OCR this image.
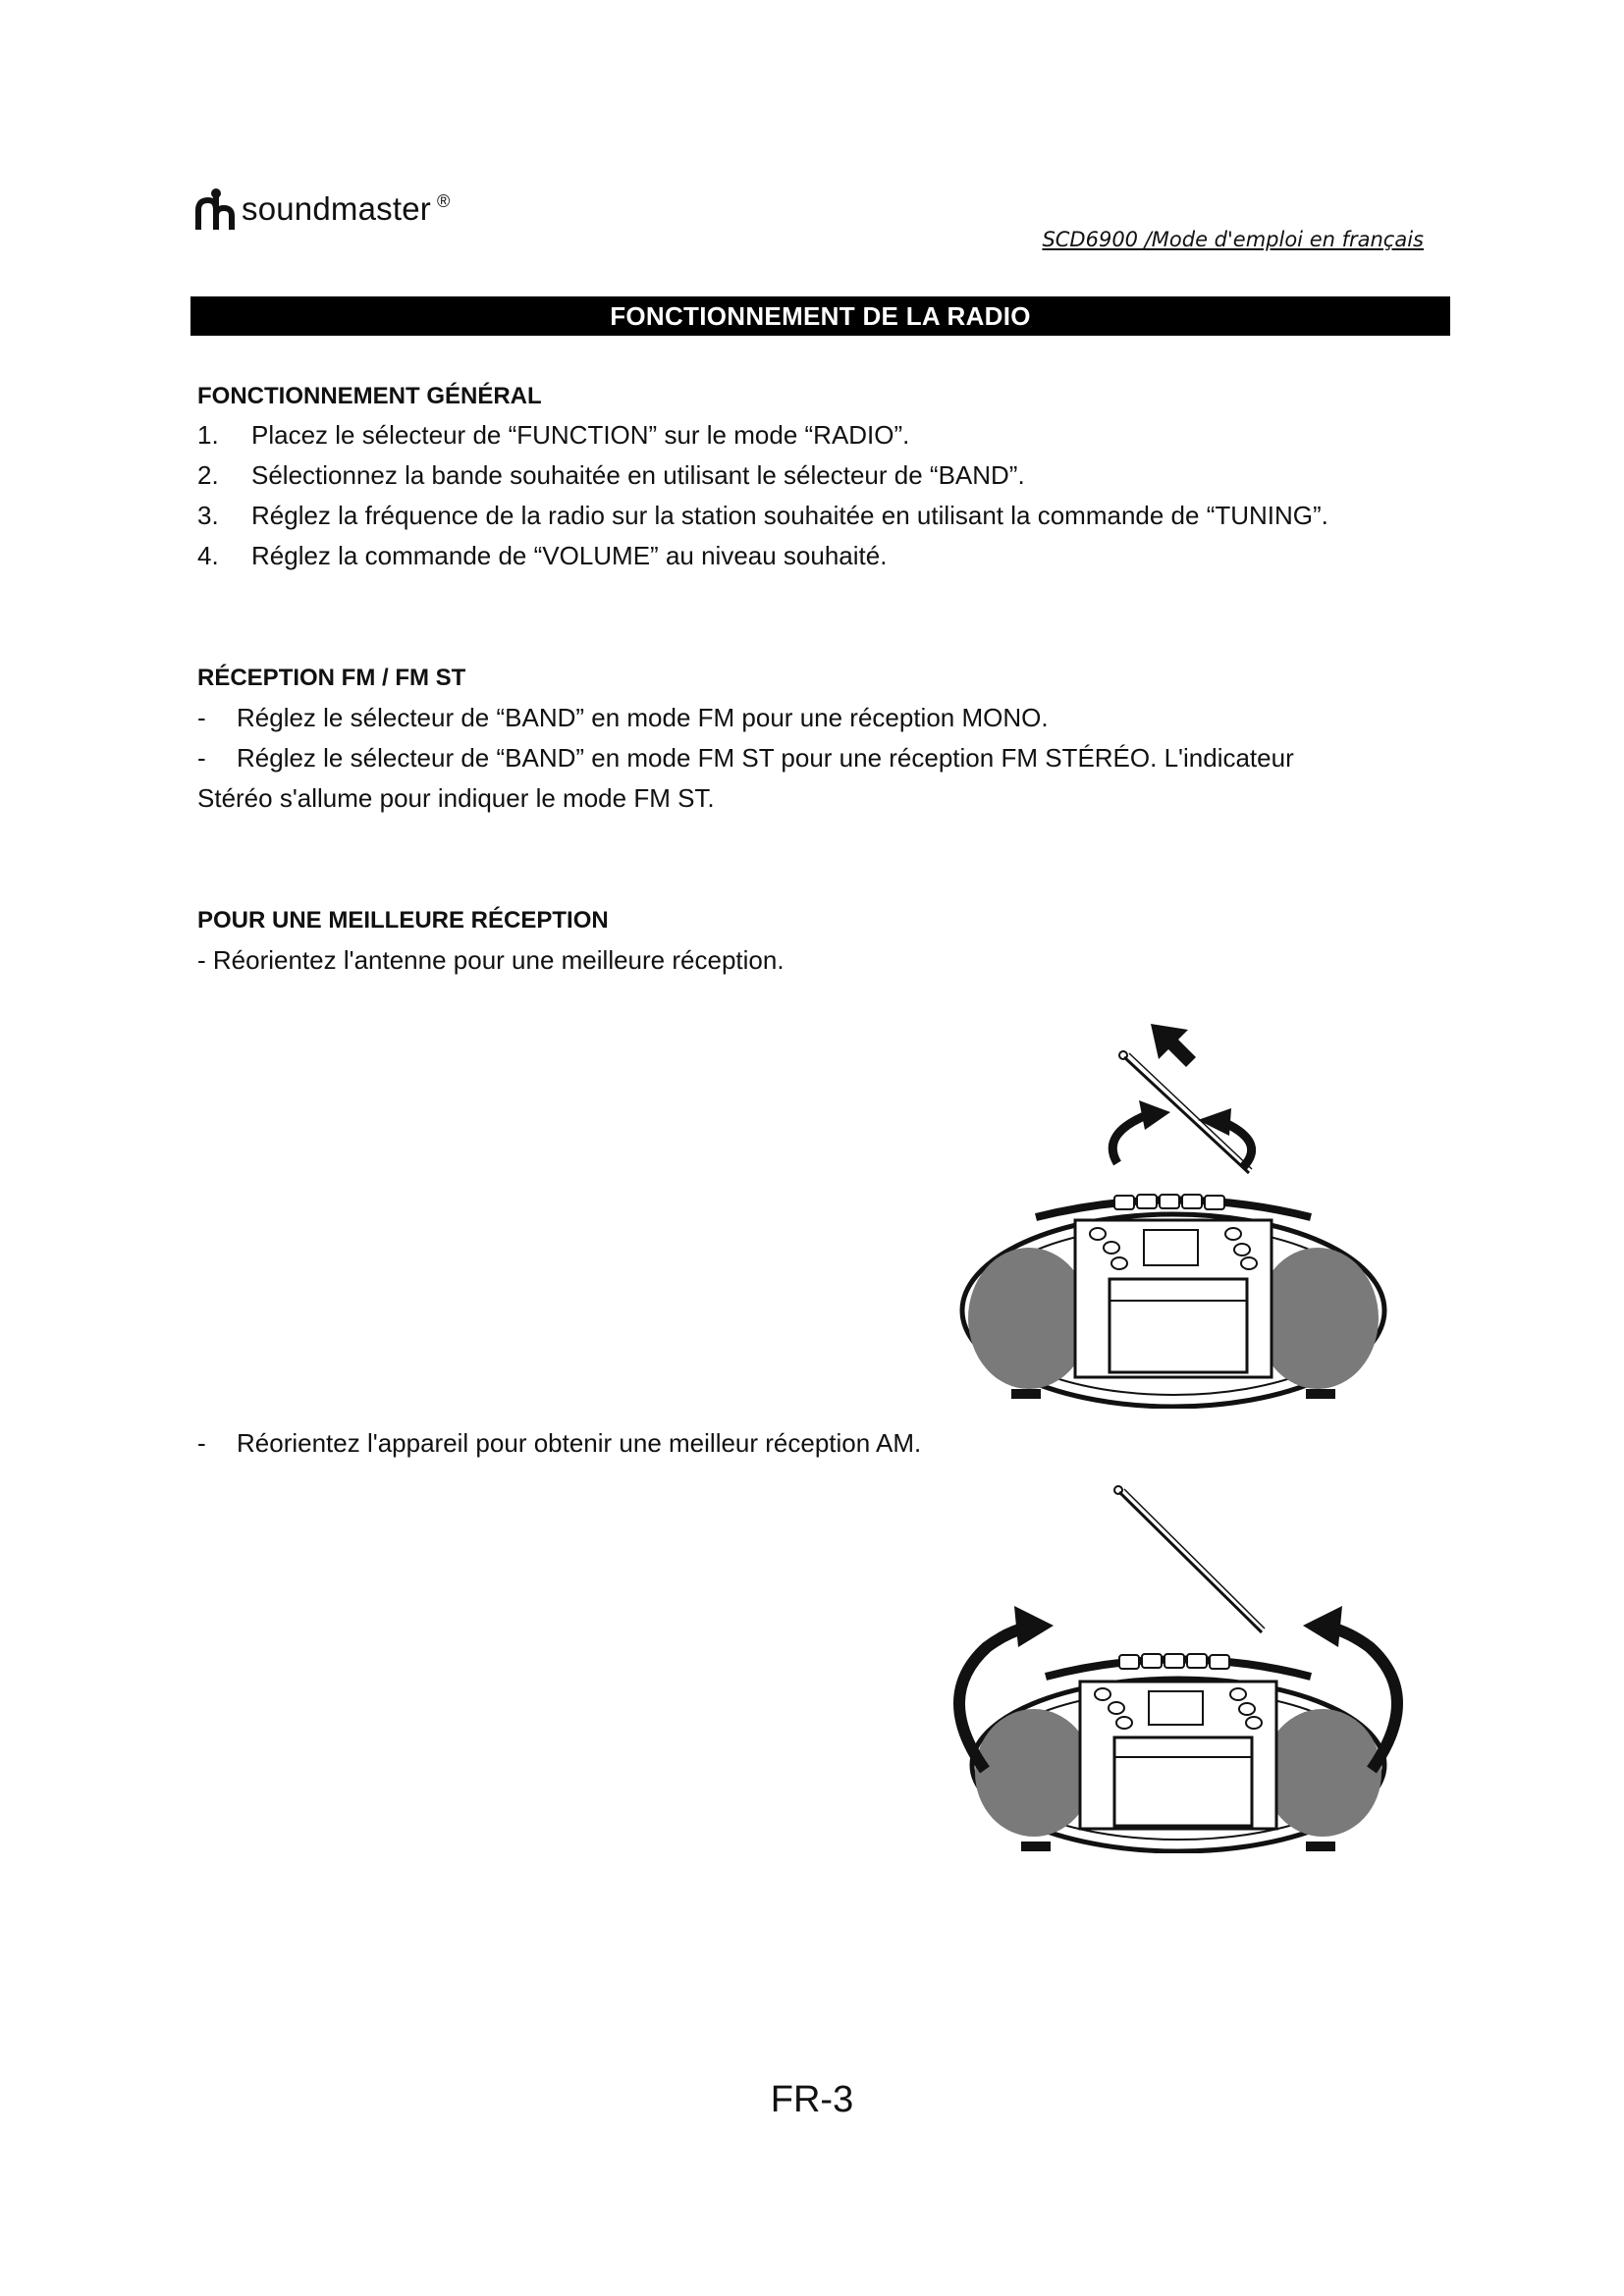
soundmaster ®
SCD6900 /Mode d'emploi en français
FONCTIONNEMENT DE LA RADIO
FONCTIONNEMENT GÉNÉRAL
1. Placez le sélecteur de “FUNCTION” sur le mode “RADIO”.
2. Sélectionnez la bande souhaitée en utilisant le sélecteur de “BAND”.
3. Réglez la fréquence de la radio sur la station souhaitée en utilisant la commande de “TUNING”.
4. Réglez la commande de “VOLUME” au niveau souhaité.
RÉCEPTION FM / FM ST
- Réglez le sélecteur de “BAND” en mode FM pour une réception MONO.
- Réglez le sélecteur de “BAND” en mode FM ST pour une réception FM STÉRÉO. L'indicateur
Stéréo s'allume pour indiquer le mode FM ST.
POUR UNE MEILLEURE RÉCEPTION
- Réorientez l'antenne pour une meilleure réception.
- Réorientez l'appareil pour obtenir une meilleur réception AM.
FR-3
